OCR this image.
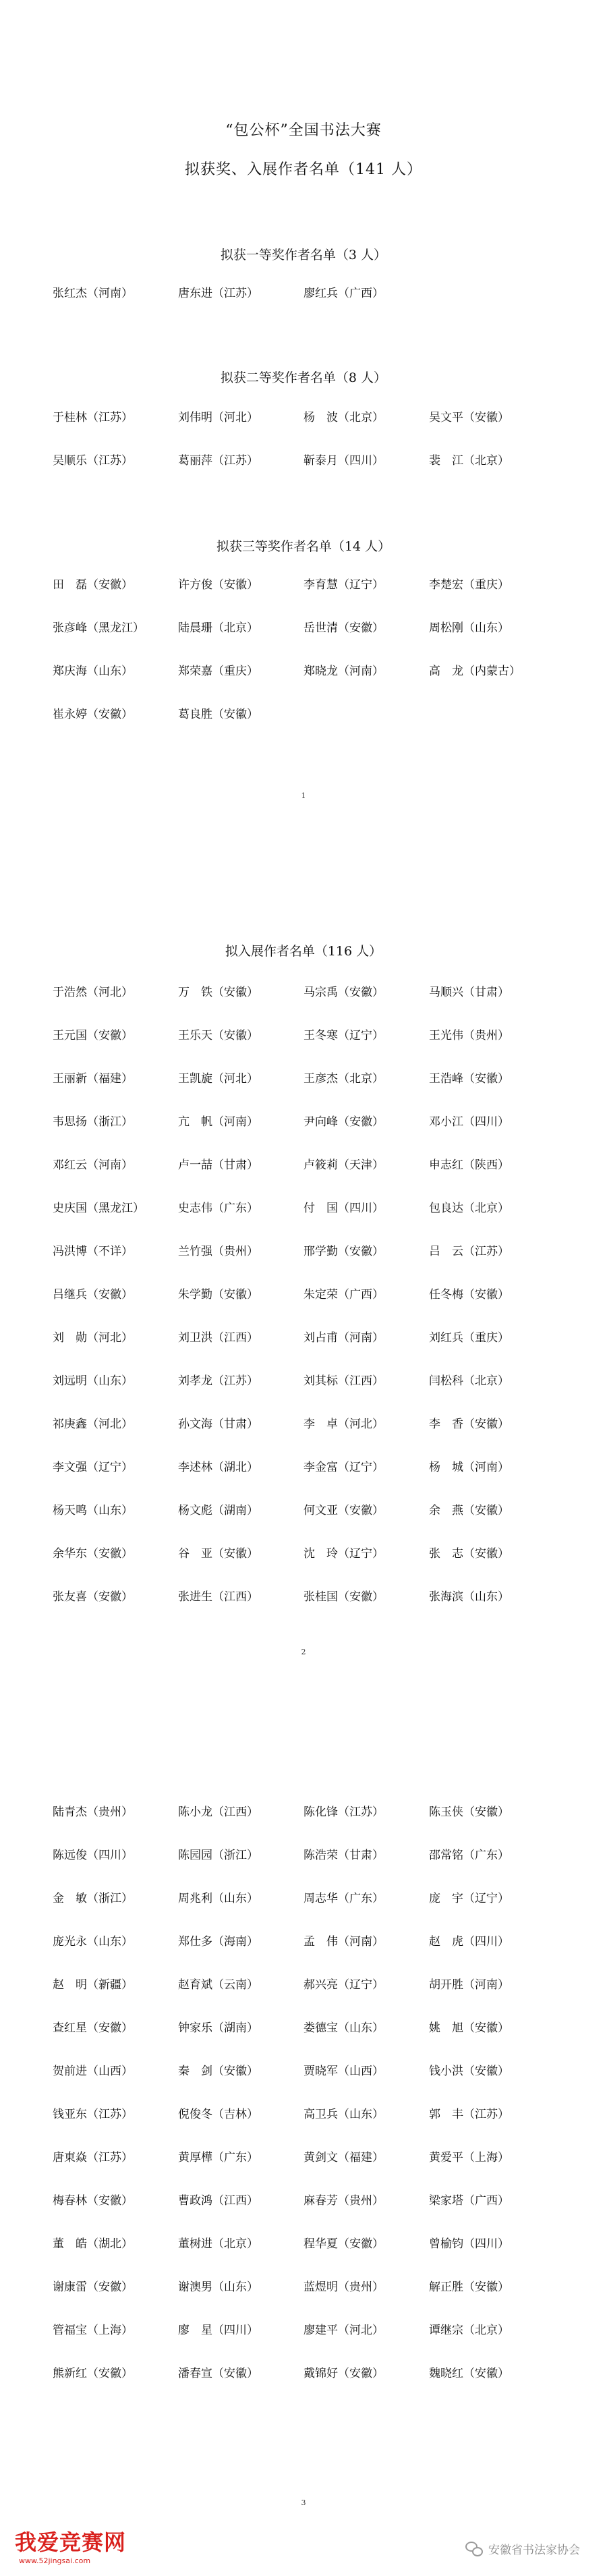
“包公杯”全国书法大赛
拟获奖、入展作者名单（141 人）
拟获一等奖作者名单（3 人）
张红杰（河南）	唐东进（江苏）	廖红兵（广西）
拟获二等奖作者名单（8 人）
于桂林（江苏）	刘伟明（河北）	杨　波（北京）	吴文平（安徽）
吴顺乐（江苏）	葛丽萍（江苏）	靳泰月（四川）	裴　江（北京）
拟获三等奖作者名单（14 人）
田　磊（安徽）	许方俊（安徽）	李育慧（辽宁）	李楚宏（重庆）
张彦峰（黑龙江）	陆晨珊（北京）	岳世清（安徽）	周松刚（山东）
郑庆海（山东）	郑荣嘉（重庆）	郑晓龙（河南）	高　龙（内蒙古）
崔永婷（安徽）	葛良胜（安徽）
1
拟入展作者名单（116 人）
于浩然（河北）	万　铁（安徽）	马宗禹（安徽）	马顺兴（甘肃）
王元国（安徽）	王乐天（安徽）	王冬寒（辽宁）	王光伟（贵州）
王丽新（福建）	王凯旋（河北）	王彦杰（北京）	王浩峰（安徽）
韦思扬（浙江）	亢　帆（河南）	尹向峰（安徽）	邓小江（四川）
邓红云（河南）	卢一喆（甘肃）	卢筱莉（天津）	申志红（陕西）
史庆国（黑龙江）	史志伟（广东）	付　国（四川）	包良达（北京）
冯洪博（不详）	兰竹强（贵州）	邢学勤（安徽）	吕　云（江苏）
吕继兵（安徽）	朱学勤（安徽）	朱定荣（广西）	任冬梅（安徽）
刘　勋（河北）	刘卫洪（江西）	刘占甫（河南）	刘红兵（重庆）
刘远明（山东）	刘孝龙（江苏）	刘其标（江西）	闫松科（北京）
祁庚鑫（河北）	孙文海（甘肃）	李　卓（河北）	李　香（安徽）
李文强（辽宁）	李述林（湖北）	李金富（辽宁）	杨　城（河南）
杨天鸣（山东）	杨文彪（湖南）	何文亚（安徽）	余　燕（安徽）
余华东（安徽）	谷　亚（安徽）	沈　玲（辽宁）	张　志（安徽）
张友喜（安徽）	张进生（江西）	张桂国（安徽）	张海滨（山东）
2
陆青杰（贵州）	陈小龙（江西）	陈化锋（江苏）	陈玉侠（安徽）
陈远俊（四川）	陈园园（浙江）	陈浩荣（甘肃）	邵常铭（广东）
金　敏（浙江）	周兆利（山东）	周志华（广东）	庞　宇（辽宁）
庞光永（山东）	郑仕多（海南）	孟　伟（河南）	赵　虎（四川）
赵　明（新疆）	赵育斌（云南）	郝兴亮（辽宁）	胡开胜（河南）
查红星（安徽）	钟家乐（湖南）	娄德宝（山东）	姚　旭（安徽）
贺前进（山西）	秦　剑（安徽）	贾晓军（山西）	钱小洪（安徽）
钱亚东（江苏）	倪俊冬（吉林）	高卫兵（山东）	郭　丰（江苏）
唐東焱（江苏）	黄厚樺（广东）	黄剑文（福建）	黄爱平（上海）
梅春林（安徽）	曹政鸿（江西）	麻春芳（贵州）	梁家塔（广西）
董　皓（湖北）	董树进（北京）	程华夏（安徽）	曾榆钧（四川）
谢康雷（安徽）	谢澳男（山东）	蓝煜明（贵州）	解正胜（安徽）
管福宝（上海）	廖　星（四川）	廖建平（河北）	谭继宗（北京）
熊新红（安徽）	潘春宣（安徽）	戴锦好（安徽）	魏晓红（安徽）
3
我爱竞赛网
www.52jingsai.com
安徽省书法家协会
